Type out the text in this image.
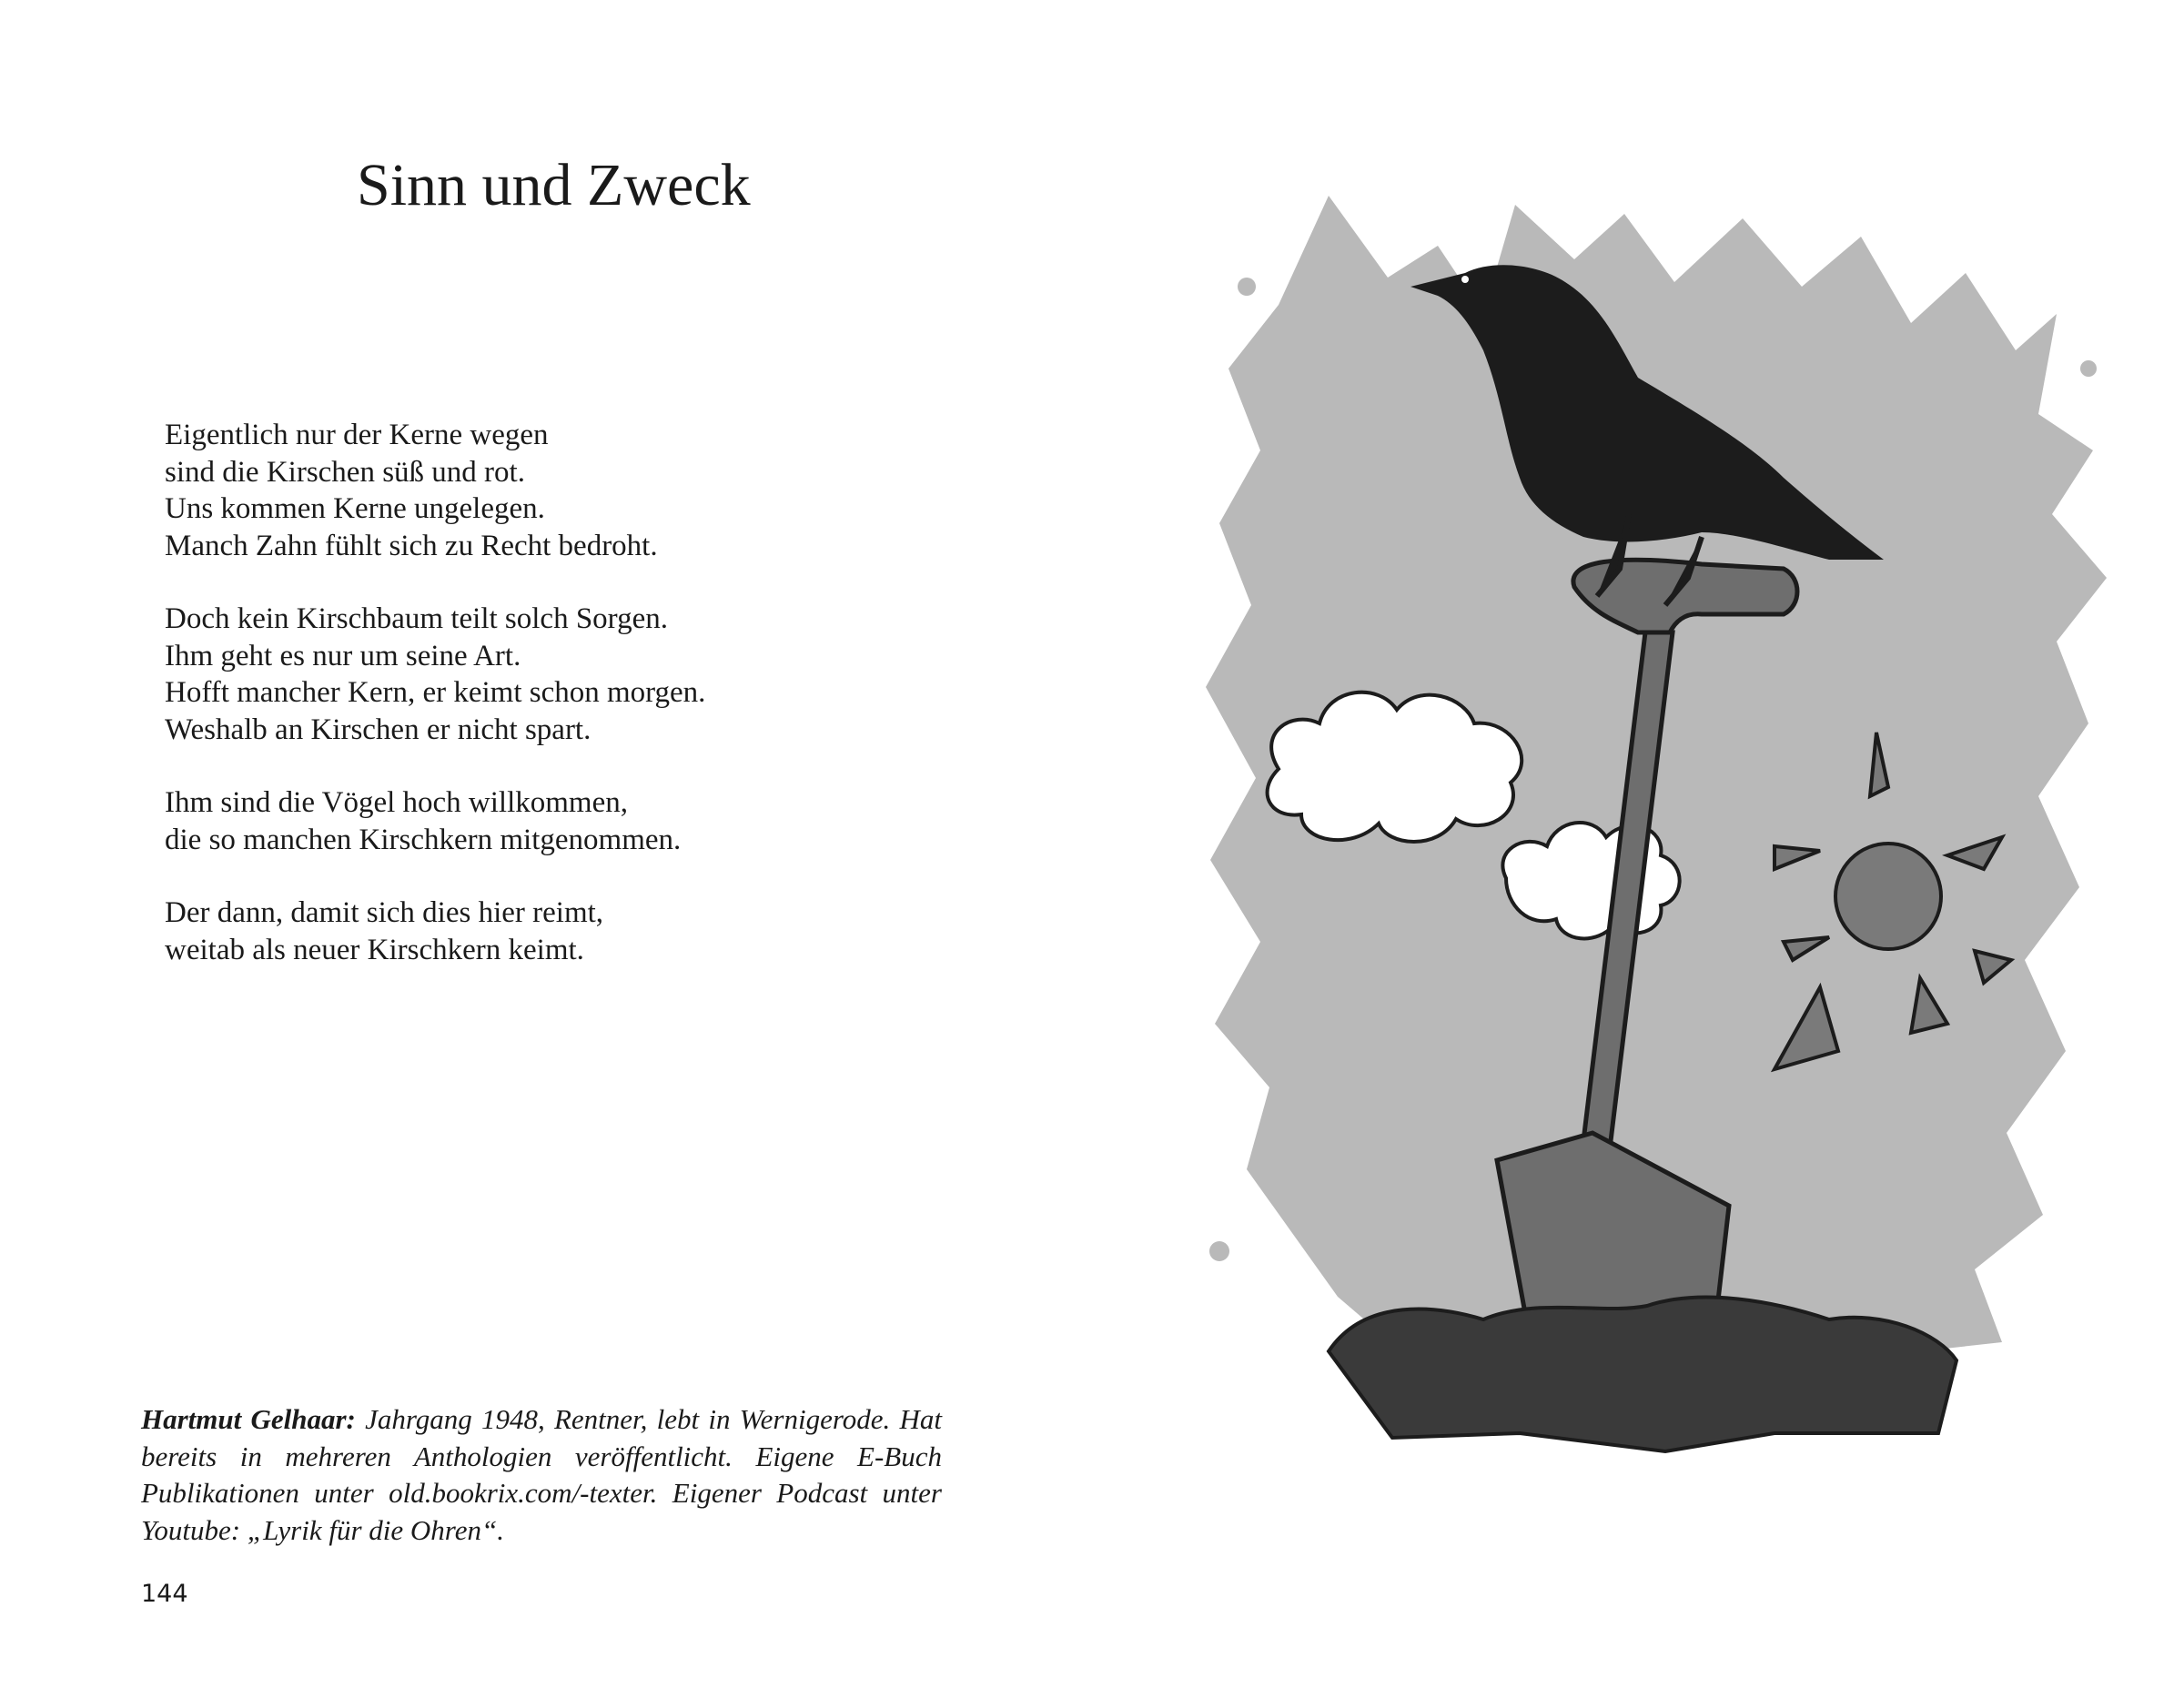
Sinn und Zweck
Eigentlich nur der Kerne wegen
sind die Kirschen süß und rot.
Uns kommen Kerne ungelegen.
Manch Zahn fühlt sich zu Recht bedroht.
Doch kein Kirschbaum teilt solch Sorgen.
Ihm geht es nur um seine Art.
Hofft mancher Kern, er keimt schon morgen.
Weshalb an Kirschen er nicht spart.
Ihm sind die Vögel hoch willkommen,
die so manchen Kirschkern mitgenommen.
Der dann, damit sich dies hier reimt,
weitab als neuer Kirschkern keimt.
Hartmut Gelhaar: Jahrgang 1948, Rentner, lebt in Wernigerode. Hat bereits in mehreren Anthologien veröffentlicht. Eigene E-Buch Publikationen unter old.bookrix.com/-texter. Eigener Podcast unter Youtube: „Lyrik für die Ohren“.
144
